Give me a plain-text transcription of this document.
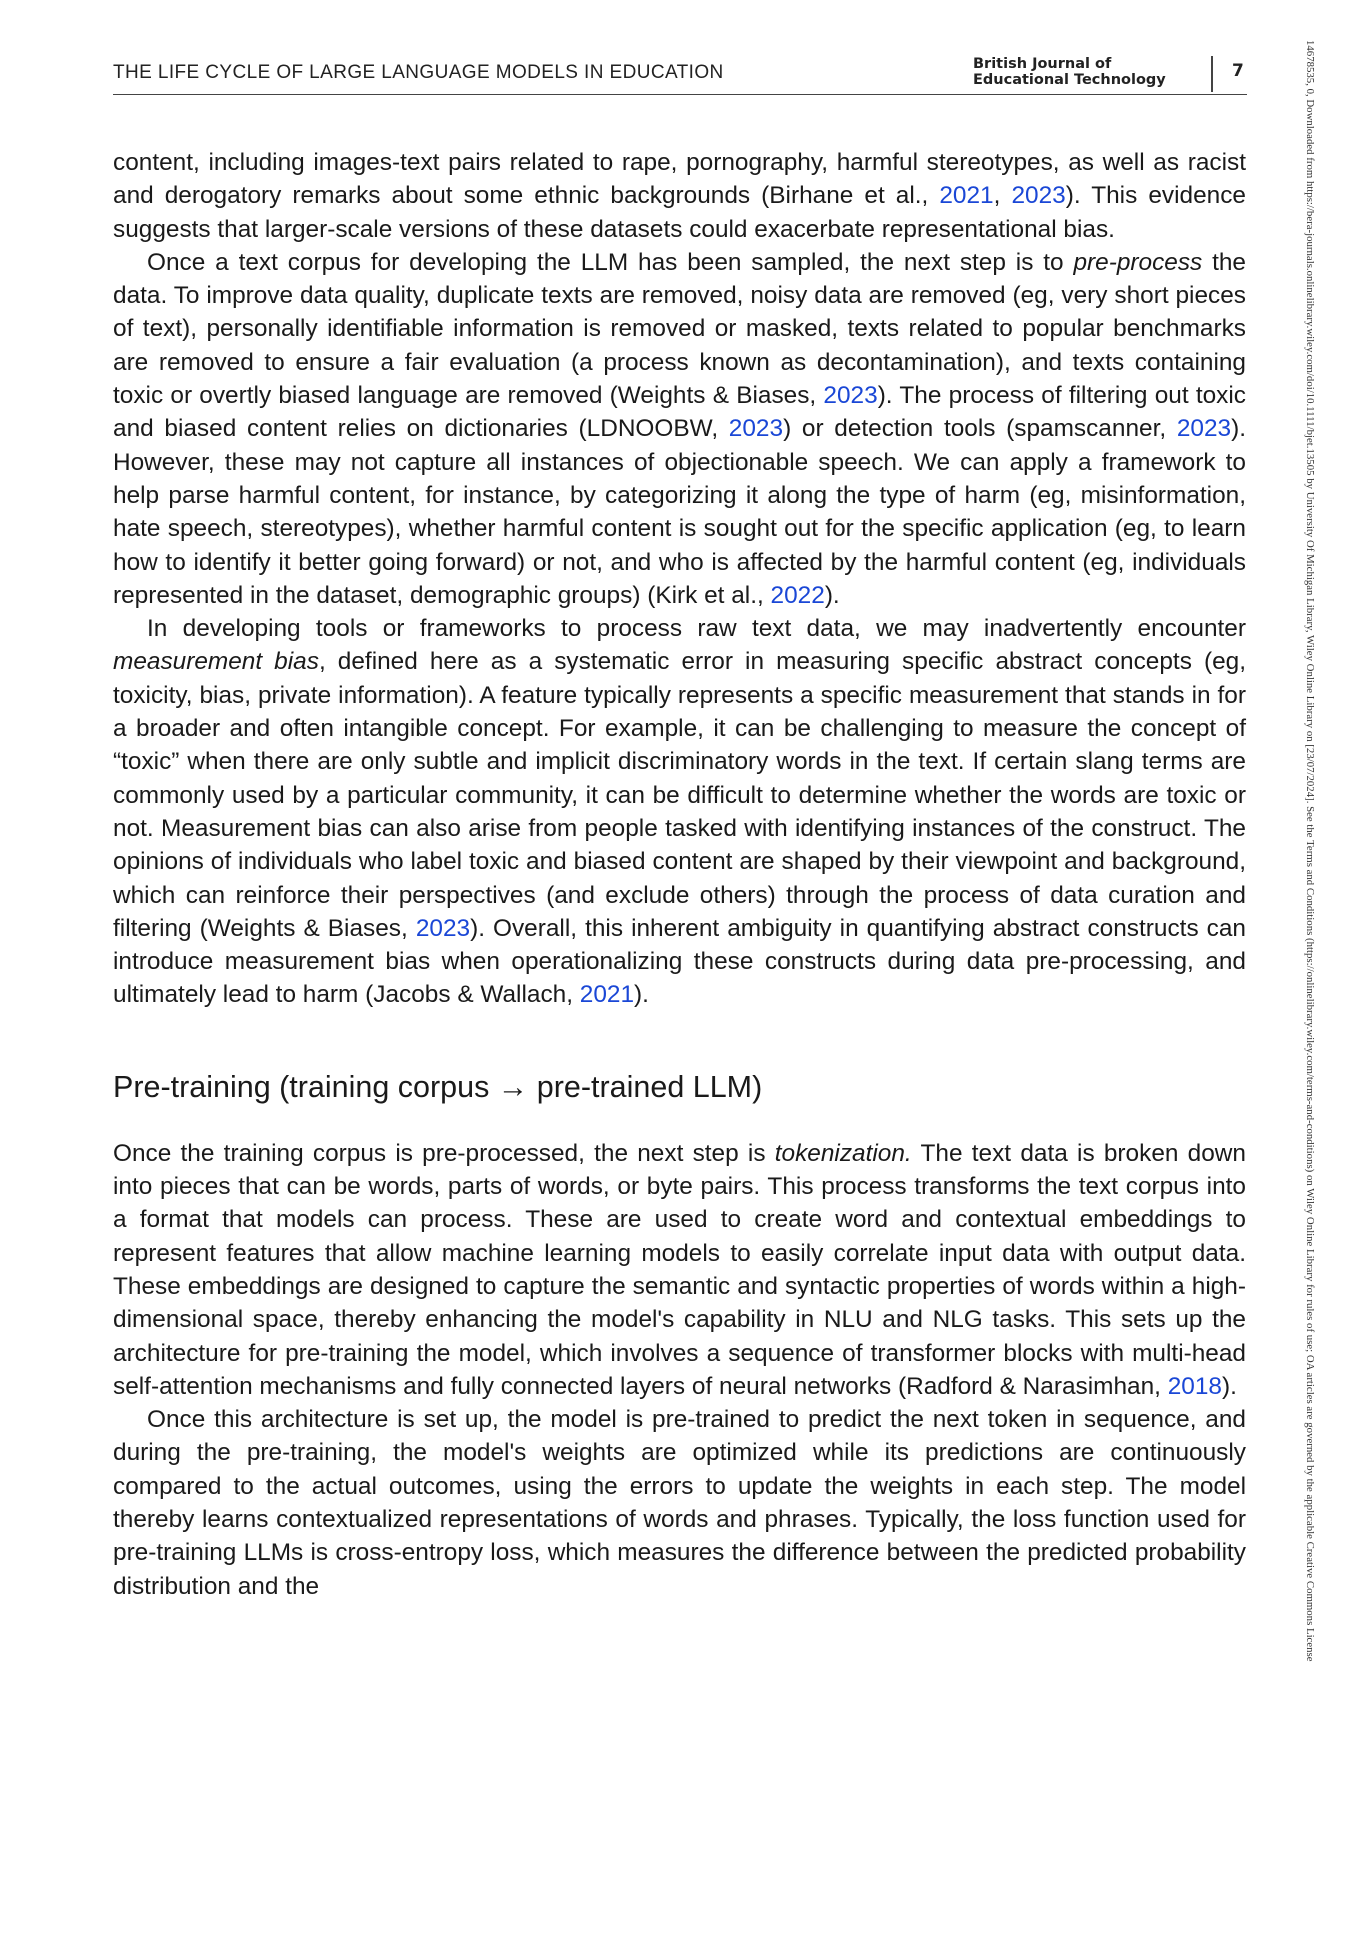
THE LIFE CYCLE OF LARGE LANGUAGE MODELS IN EDUCATION	British Journal of
Educational Technology	7	14678535, 0, Downloaded from https://bera-journals.onlinelibrary.wiley.com/doi/10.1111/bjet.13505 by University Of Michigan Library, Wiley Online Library on [23/07/2024]. See the Terms and Conditions (https://onlinelibrary.wiley.com/terms-and-conditions) on Wiley Online Library for rules of use; OA articles are governed by the applicable Creative Commons License

content, including images-text pairs related to rape, pornography, harmful stereotypes, as well as racist and derogatory remarks about some ethnic backgrounds (Birhane et al., 2021, 2023). This evidence suggests that larger-scale versions of these datasets could exacerbate representational bias.

Once a text corpus for developing the LLM has been sampled, the next step is to pre-process the data. To improve data quality, duplicate texts are removed, noisy data are removed (eg, very short pieces of text), personally identifiable information is removed or masked, texts related to popular benchmarks are removed to ensure a fair evaluation (a process known as decontamination), and texts containing toxic or overtly biased language are removed (Weights & Biases, 2023). The process of filtering out toxic and biased content relies on dictionaries (LDNOOBW, 2023) or detection tools (spamscanner, 2023). However, these may not capture all instances of objectionable speech. We can apply a framework to help parse harmful content, for instance, by categorizing it along the type of harm (eg, misinformation, hate speech, stereotypes), whether harmful content is sought out for the specific application (eg, to learn how to identify it better going forward) or not, and who is affected by the harmful content (eg, individuals represented in the dataset, demographic groups) (Kirk et al., 2022).

In developing tools or frameworks to process raw text data, we may inadvertently encounter measurement bias, defined here as a systematic error in measuring specific abstract concepts (eg, toxicity, bias, private information). A feature typically represents a specific measurement that stands in for a broader and often intangible concept. For example, it can be challenging to measure the concept of “toxic” when there are only subtle and implicit discriminatory words in the text. If certain slang terms are commonly used by a particular community, it can be difficult to determine whether the words are toxic or not. Measurement bias can also arise from people tasked with identifying instances of the construct. The opinions of individuals who label toxic and biased content are shaped by their viewpoint and background, which can reinforce their perspectives (and exclude others) through the process of data curation and filtering (Weights & Biases, 2023). Overall, this inherent ambiguity in quantifying abstract constructs can introduce measurement bias when operationalizing these constructs during data pre-processing, and ultimately lead to harm (Jacobs & Wallach, 2021).

Pre-training (training corpus → pre-trained LLM)

Once the training corpus is pre-processed, the next step is tokenization. The text data is broken down into pieces that can be words, parts of words, or byte pairs. This process transforms the text corpus into a format that models can process. These are used to create word and contextual embeddings to represent features that allow machine learning models to easily correlate input data with output data. These embeddings are designed to capture the semantic and syntactic properties of words within a high-dimensional space, thereby enhancing the model's capability in NLU and NLG tasks. This sets up the architecture for pre-training the model, which involves a sequence of transformer blocks with multi-head self-attention mechanisms and fully connected layers of neural networks (Radford & Narasimhan, 2018).

Once this architecture is set up, the model is pre-trained to predict the next token in sequence, and during the pre-training, the model's weights are optimized while its predictions are continuously compared to the actual outcomes, using the errors to update the weights in each step. The model thereby learns contextualized representations of words and phrases. Typically, the loss function used for pre-training LLMs is cross-entropy loss, which measures the difference between the predicted probability distribution and the
